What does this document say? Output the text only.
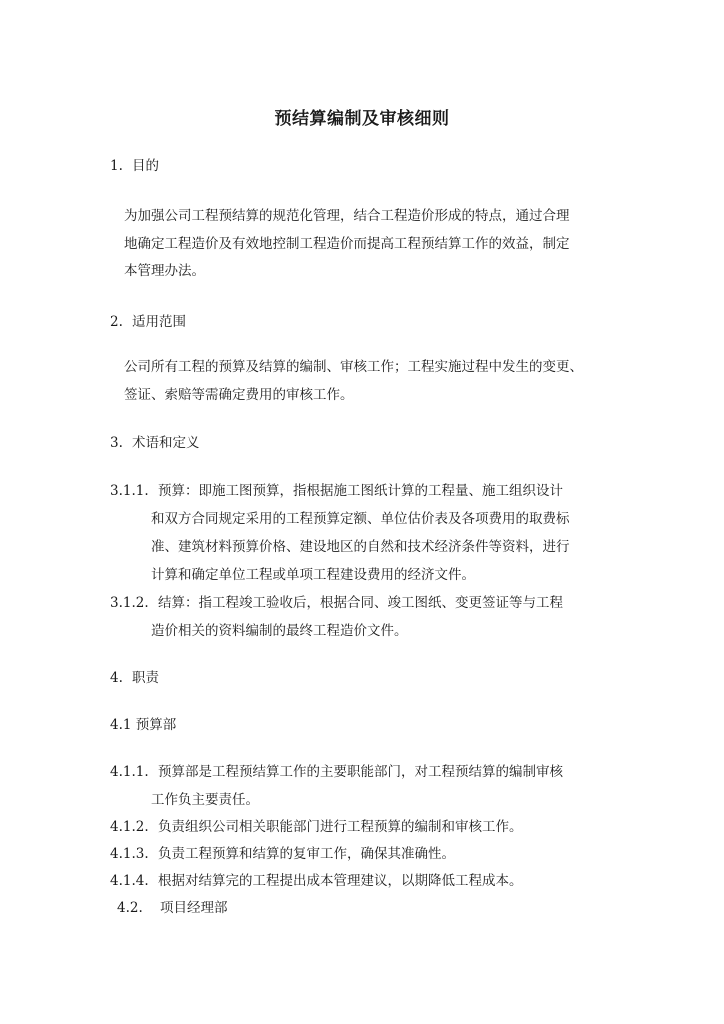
预结算编制及审核细则
1. 目的
为加强公司工程预结算的规范化管理，结合工程造价形成的特点，通过合理
地确定工程造价及有效地控制工程造价而提高工程预结算工作的效益，制定
本管理办法。
2. 适用范围
公司所有工程的预算及结算的编制、审核工作；工程实施过程中发生的变更、
签证、索赔等需确定费用的审核工作。
3. 术语和定义
3.1.1. 预算：即施工图预算，指根据施工图纸计算的工程量、施工组织设计
和双方合同规定采用的工程预算定额、单位估价表及各项费用的取费标
准、建筑材料预算价格、建设地区的自然和技术经济条件等资料，进行
计算和确定单位工程或单项工程建设费用的经济文件。
3.1.2. 结算：指工程竣工验收后，根据合同、竣工图纸、变更签证等与工程
造价相关的资料编制的最终工程造价文件。
4. 职责
4.1 预算部
4.1.1. 预算部是工程预结算工作的主要职能部门，对工程预结算的编制审核
工作负主要责任。
4.1.2. 负责组织公司相关职能部门进行工程预算的编制和审核工作。
4.1.3. 负责工程预算和结算的复审工作，确保其准确性。
4.1.4. 根据对结算完的工程提出成本管理建议，以期降低工程成本。
4.2. 项目经理部
